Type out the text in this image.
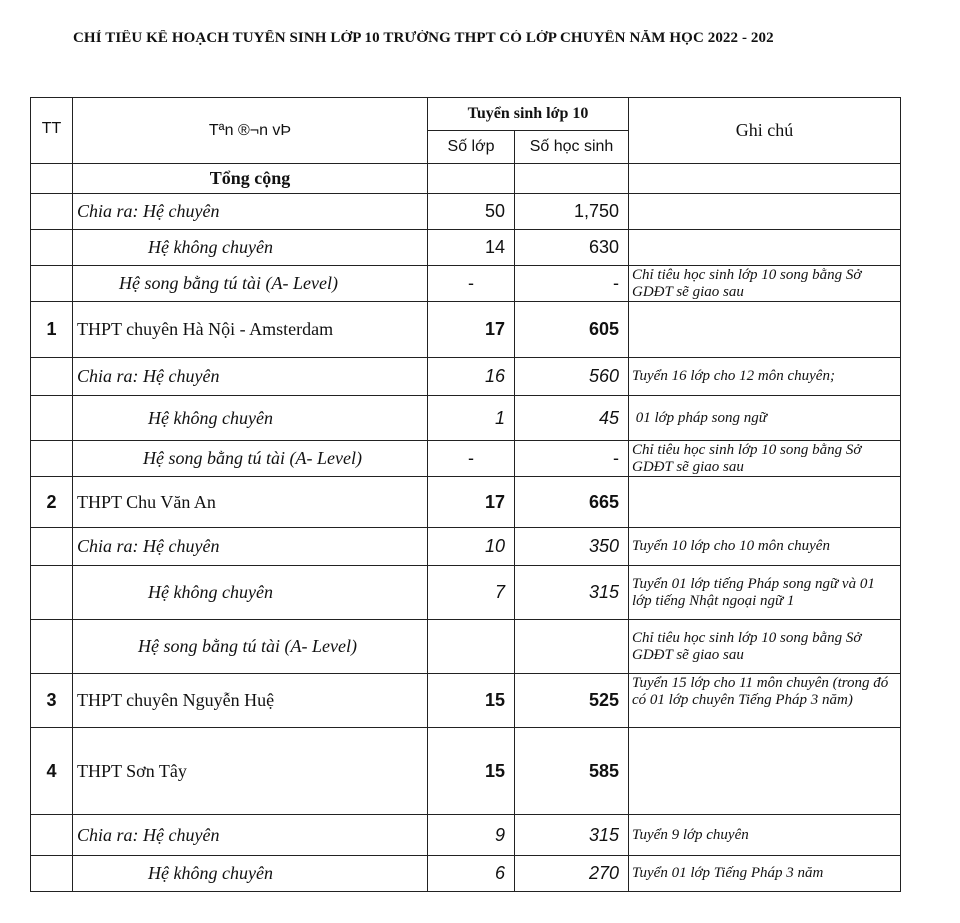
CHỈ TIÊU KẾ HOẠCH TUYỂN SINH LỚP 10 TRƯỜNG THPT CÓ LỚP CHUYÊN NĂM HỌC 2022 - 202
TT	Tªn ®¬n vÞ	Tuyển sinh lớp 10		Ghi chú
		Số lớp	Số học sinh	
	Tổng cộng			
	Chia ra: Hệ chuyên	50	1,750	
	Hệ không chuyên	14	630	
	Hệ song bằng tú tài (A- Level)	-	-	Chỉ tiêu học sinh lớp 10 song bằng Sở GDĐT sẽ giao sau

1	THPT chuyên Hà Nội - Amsterdam	17	605	
	Chia ra: Hệ chuyên	16	560	Tuyển 16 lớp cho 12 môn chuyên;
	Hệ không chuyên	1	45	01 lớp pháp song ngữ
	Hệ song bằng tú tài (A- Level)	-	-	Chỉ tiêu học sinh lớp 10 song bằng Sở GDĐT sẽ giao sau

2	THPT Chu Văn An	17	665	
	Chia ra: Hệ chuyên	10	350	Tuyển 10 lớp cho 10 môn chuyên
	Hệ không chuyên	7	315	Tuyển 01 lớp tiếng Pháp song ngữ và 01 lớp tiếng Nhật ngoại ngữ 1
	Hệ song bằng tú tài (A- Level)			Chỉ tiêu học sinh lớp 10 song bằng Sở GDĐT sẽ giao sau
3	THPT chuyên Nguyễn Huệ	15	525	Tuyển 15 lớp cho 11 môn chuyên (trong đó có 01 lớp chuyên Tiếng Pháp 3 năm)

4	THPT Sơn Tây	15	585	
	Chia ra: Hệ chuyên	9	315	Tuyển 9 lớp chuyên
	Hệ không chuyên	6	270	Tuyển 01 lớp Tiếng Pháp 3 năm
